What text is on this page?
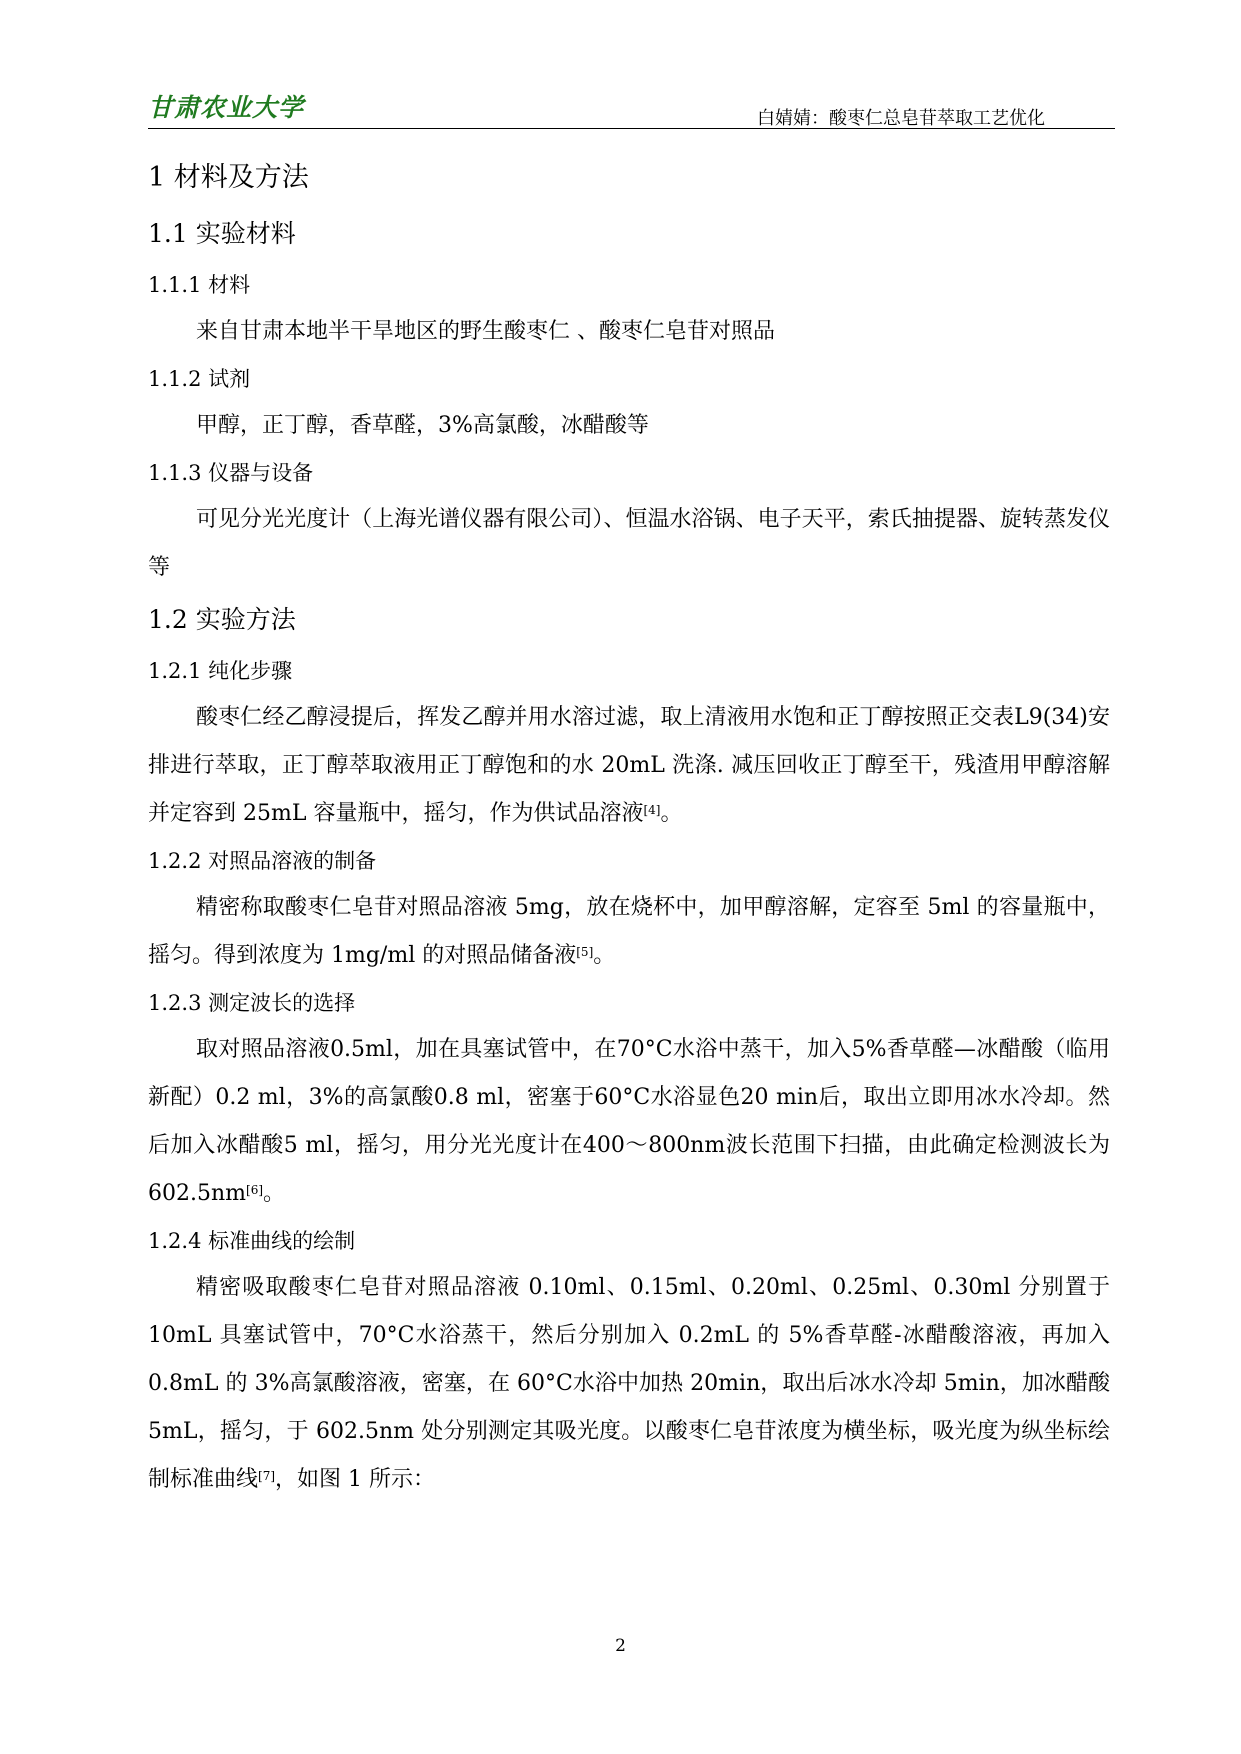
甘肃农业大学	白婧婧：酸枣仁总皂苷萃取工艺优化
1 材料及方法
1.1 实验材料
1.1.1 材料

来自甘肃本地半干旱地区的野生酸枣仁 、酸枣仁皂苷对照品

1.1.2 试剂

甲醇，正丁醇，香草醛，3%高氯酸，冰醋酸等

1.1.3 仪器与设备

可见分光光度计（上海光谱仪器有限公司）、恒温水浴锅、电子天平，索氏抽提器、旋转蒸发仪等

1.2 实验方法
1.2.1 纯化步骤

酸枣仁经乙醇浸提后，挥发乙醇并用水溶过滤，取上清液用水饱和正丁醇按照正交表L9(34)安排进行萃取，正丁醇萃取液用正丁醇饱和的水 20mL 洗涤. 减压回收正丁醇至干，残渣用甲醇溶解并定容到 25mL 容量瓶中，摇匀，作为供试品溶液[4]。

1.2.2 对照品溶液的制备

精密称取酸枣仁皂苷对照品溶液 5mg，放在烧杯中，加甲醇溶解，定容至 5ml 的容量瓶中，摇匀。得到浓度为 1mg/ml 的对照品储备液[5]。

1.2.3 测定波长的选择

取对照品溶液0.5ml，加在具塞试管中，在70°C水浴中蒸干，加入5%香草醛—冰醋酸（临用新配）0.2 ml，3%的高氯酸0.8 ml，密塞于60°C水浴显色20 min后，取出立即用冰水冷却。然后加入冰醋酸5 ml，摇匀，用分光光度计在400～800nm波长范围下扫描，由此确定检测波长为602.5nm[6]。

1.2.4 标准曲线的绘制

精密吸取酸枣仁皂苷对照品溶液 0.10ml、0.15ml、0.20ml、0.25ml、0.30ml 分别置于10mL 具塞试管中，70°C水浴蒸干，然后分别加入 0.2mL 的 5%香草醛-冰醋酸溶液，再加入 0.8mL 的 3%高氯酸溶液，密塞，在 60°C水浴中加热 20min，取出后冰水冷却 5min，加冰醋酸 5mL，摇匀，于 602.5nm 处分别测定其吸光度。以酸枣仁皂苷浓度为横坐标，吸光度为纵坐标绘制标准曲线[7]，如图 1 所示：

2
